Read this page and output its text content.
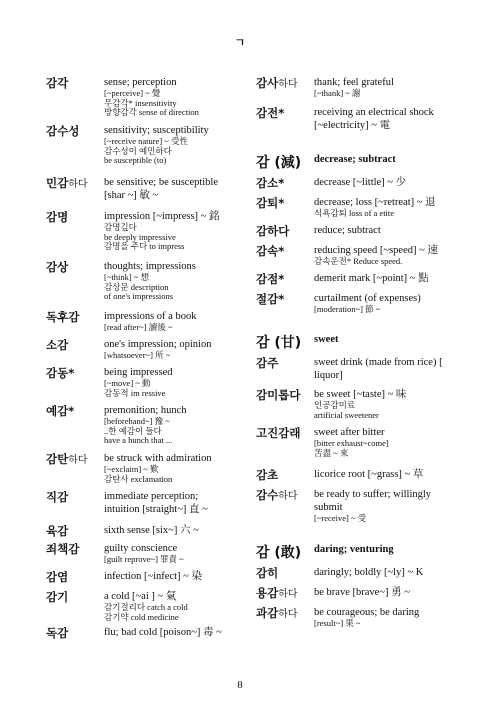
ㄱ
감각	sense; perception
[~perceive] ~ 覺
무감각* insensitivity
방향감각 sense of direction
감수성 sensitivity; susceptibility
[~receive nature] ~ 受性
감수성이 예민하다
be susceptible (to)
민감하다 be sensitive; be susceptible [shar ~] 敏 ~
감명	impression [~impress] ~ 銘
감명깊다
be deeply impressive
감명을 주다 to impress
감상	thoughts; impressions
[~think] ~ 想
감상문 description
of one's impressions
독후감 impressions of a book
[read after~] 讀後 ~
소감	one's impression; opinion
[whatsoever~] 所 ~
감동*	being impressed
[~move] ~ 動
감동적 im ressive
예감*	premonition; hunch
[beforehand~] 豫 ~
..한 예감이 들다
have a hunch that ...
감탄하다 be struck with admiration
[~exclaim] ~ 歎
감탄사 exclamation
직감	immediate perception; intuition [straight~] 直 ~
육감	sixth sense [six~] 六 ~
죄책감 guilty conscience
[guilt reprove~] 罪責 ~
감염	infection [~infect] ~ 染
감기	a cold [~ai ] ~ 氣
감기걸리다 catch a cold
감기약 cold medicine
독감	flu; bad cold [poison~] 毒 ~
감사하다 thank; feel grateful
[~thank] ~ 謝
감전*	receiving an electrical shock [~electricity] ~ 電
감 (減) decrease; subtract
감소*	decrease [~little] ~ 少
감퇴*	decrease; loss [~retreat] ~ 退
식욕감퇴 loss of a etite
감하다 reduce; subtract
감속*	reducing speed [~speed] ~ 速
감속운전* Reduce speed.
감점*	demerit mark [~point] ~ 點
절감*	curtailment (of expenses)
[moderation~] 節 ~
감 (甘) sweet
감주	sweet drink (made from rice) [ liquor]
감미롭다 be sweet [~taste] ~ 味
인공감미료
artificial sweetener
고진감래 sweet after bitter
[bitter exhaust~come]
苦盡 ~ 來
감초	licorice root [~grass] ~ 草
감수하다 be ready to suffer; willingly submit
[~receive] ~ 受
감 (敢) daring; venturing
감히	daringly; boldly [~ly] ~ K
용감하다 be brave [brave~] 勇 ~
과감하다 be courageous; be daring
[result~] 果 ~
8
